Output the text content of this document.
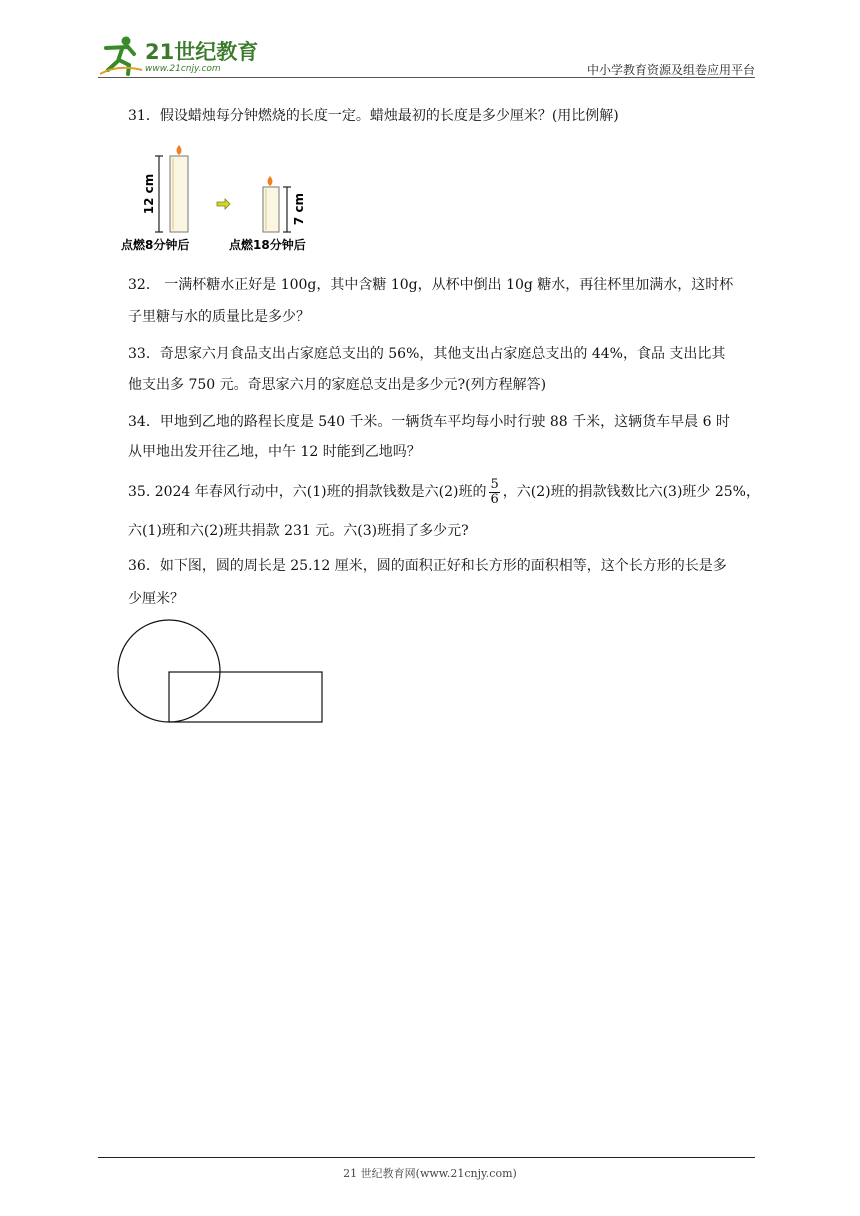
21世纪教育
www.21cnjy.com	中小学教育资源及组卷应用平台
31．假设蜡烛每分钟燃烧的长度一定。蜡烛最初的长度是多少厘米？(用比例解)
12 cm	7 cm
点燃8分钟后	点燃18分钟后
32． 一满杯糖水正好是 100g，其中含糖 10g，从杯中倒出 10g 糖水，再往杯里加满水，这时杯
子里糖与水的质量比是多少？
33．奇思家六月食品支出占家庭总支出的 56%，其他支出占家庭总支出的 44%，食品 支出比其
他支出多 750 元。奇思家六月的家庭总支出是多少元?(列方程解答)
34．甲地到乙地的路程长度是 540 千米。一辆货车平均每小时行驶 88 千米，这辆货车早晨 6 时
从甲地出发开往乙地，中午 12 时能到乙地吗？
35. 2024 年春风行动中，六(1)班的捐款钱数是六(2)班的 $\frac{5}{6}$ ，六(2)班的捐款钱数比六(3)班少 25%，
六(1)班和六(2)班共捐款 231 元。六(3)班捐了多少元?
36．如下图，圆的周长是 25.12 厘米，圆的面积正好和长方形的面积相等，这个长方形的长是多
少厘米？
21 世纪教育网(www.21cnjy.com)
